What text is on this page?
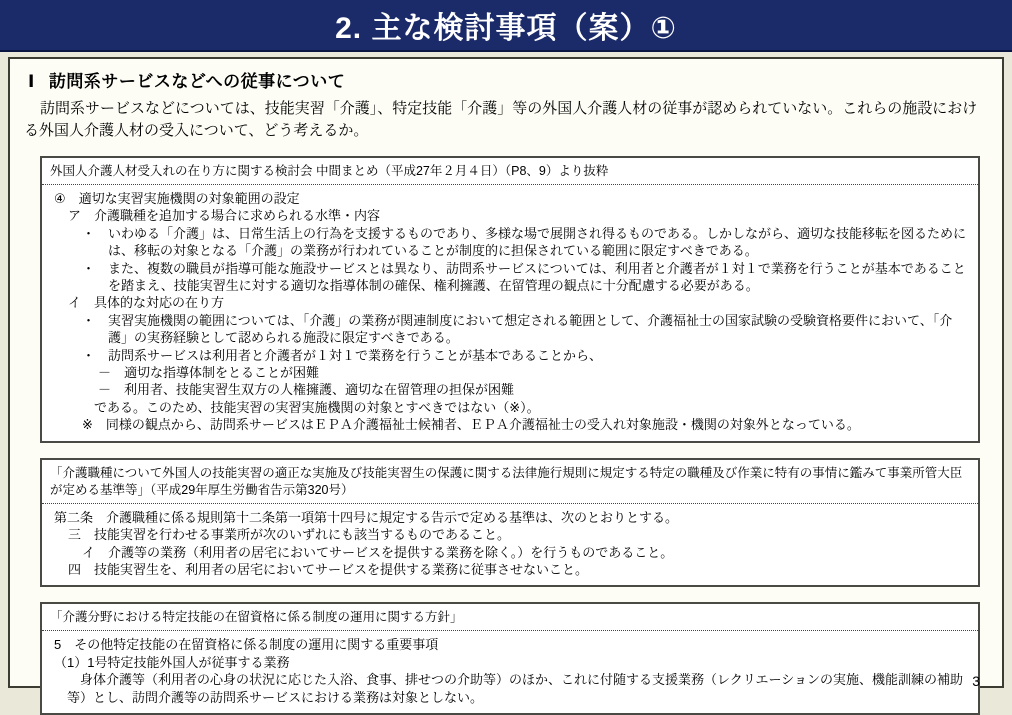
2. 主な検討事項（案）①
Ⅰ 訪問系サービスなどへの従事について
訪問系サービスなどについては、技能実習「介護」、特定技能「介護」等の外国人介護人材の従事が認められていない。これらの施設における外国人介護人材の受入について、どう考えるか。
外国人介護人材受入れの在り方に関する検討会 中間まとめ（平成27年２月４日）（P8、9）より抜粋
④　適切な実習実施機関の対象範囲の設定
ア　介護職種を追加する場合に求められる水準・内容
・　いわゆる「介護」は、日常生活上の行為を支援するものであり、多様な場で展開され得るものである。しかしながら、適切な技能移転を図るためには、移転の対象となる「介護」の業務が行われていることが制度的に担保されている範囲に限定すべきである。
・　また、複数の職員が指導可能な施設サービスとは異なり、訪問系サービスについては、利用者と介護者が１対１で業務を行うことが基本であることを踏まえ、技能実習生に対する適切な指導体制の確保、権利擁護、在留管理の観点に十分配慮する必要がある。
イ　具体的な対応の在り方
・　実習実施機関の範囲については、「介護」の業務が関連制度において想定される範囲として、介護福祉士の国家試験の受験資格要件において、「介護」の実務経験として認められる施設に限定すべきである。
・　訪問系サービスは利用者と介護者が１対１で業務を行うことが基本であることから、
－　適切な指導体制をとることが困難
－　利用者、技能実習生双方の人権擁護、適切な在留管理の担保が困難
である。このため、技能実習の実習実施機関の対象とすべきではない（※）。
※　同様の観点から、訪問系サービスはＥＰＡ介護福祉士候補者、ＥＰＡ介護福祉士の受入れ対象施設・機関の対象外となっている。
「介護職種について外国人の技能実習の適正な実施及び技能実習生の保護に関する法律施行規則に規定する特定の職種及び作業に特有の事情に鑑みて事業所管大臣が定める基準等」（平成29年厚生労働省告示第320号）
第二条　介護職種に係る規則第十二条第一項第十四号に規定する告示で定める基準は、次のとおりとする。
三　技能実習を行わせる事業所が次のいずれにも該当するものであること。
イ　介護等の業務（利用者の居宅においてサービスを提供する業務を除く。）を行うものであること。
四　技能実習生を、利用者の居宅においてサービスを提供する業務に従事させないこと。
「介護分野における特定技能の在留資格に係る制度の運用に関する方針」
5　その他特定技能の在留資格に係る制度の運用に関する重要事項
（1）1号特定技能外国人が従事する業務
身体介護等（利用者の心身の状況に応じた入浴、食事、排せつの介助等）のほか、これに付随する支援業務（レクリエーションの実施、機能訓練の補助等）とし、訪問介護等の訪問系サービスにおける業務は対象としない。
3
